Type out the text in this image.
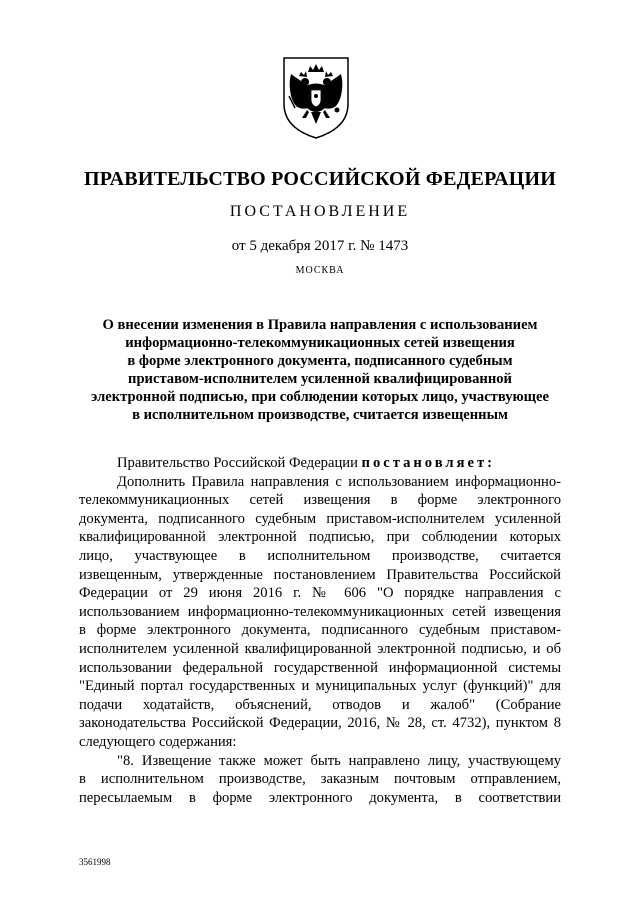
ПРАВИТЕЛЬСТВО РОССИЙСКОЙ ФЕДЕРАЦИИ
ПОСТАНОВЛЕНИЕ
от 5 декабря 2017 г. № 1473
МОСКВА
О внесении изменения в Правила направления с использованием
информационно-телекоммуникационных сетей извещения
в форме электронного документа, подписанного судебным
приставом-исполнителем усиленной квалифицированной
электронной подписью, при соблюдении которых лицо, участвующее
в исполнительном производстве, считается извещенным
Правительство Российской Федерации постановляет:
Дополнить Правила направления с использованием информационно-
телекоммуникационных сетей извещения в форме электронного
документа, подписанного судебным приставом-исполнителем усиленной
квалифицированной электронной подписью, при соблюдении которых
лицо, участвующее в исполнительном производстве, считается
извещенным, утвержденные постановлением Правительства Российской
Федерации от 29 июня 2016 г. № 606 "О порядке направления с
использованием информационно-телекоммуникационных сетей извещения
в форме электронного документа, подписанного судебным приставом-
исполнителем усиленной квалифицированной электронной подписью, и об
использовании федеральной государственной информационной системы
"Единый портал государственных и муниципальных услуг (функций)" для
подачи ходатайств, объяснений, отводов и жалоб" (Собрание
законодательства Российской Федерации, 2016, № 28, ст. 4732), пунктом 8
следующего содержания:
"8. Извещение также может быть направлено лицу, участвующему
в исполнительном производстве, заказным почтовым отправлением,
пересылаемым в форме электронного документа, в соответствии
3561998
